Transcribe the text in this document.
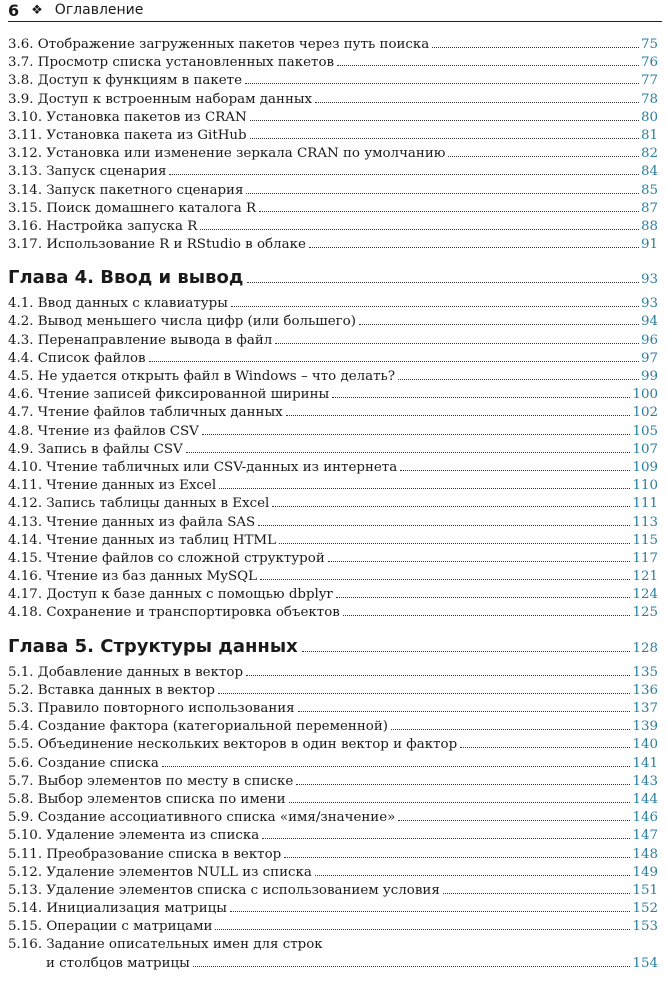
6 ❖ Оглавление
3.6. Отображение загруженных пакетов через путь поиска	75
3.7. Просмотр списка установленных пакетов	76
3.8. Доступ к функциям в пакете	77
3.9. Доступ к встроенным наборам данных	78
3.10. Установка пакетов из CRAN	80
3.11. Установка пакета из GitHub	81
3.12. Установка или изменение зеркала CRAN по умолчанию	82
3.13. Запуск сценария	84
3.14. Запуск пакетного сценария	85
3.15. Поиск домашнего каталога R	87
3.16. Настройка запуска R	88
3.17. Использование R и RStudio в облаке	91
Глава 4. Ввод и вывод	93
4.1. Ввод данных с клавиатуры	93
4.2. Вывод меньшего числа цифр (или большего)	94
4.3. Перенаправление вывода в файл	96
4.4. Список файлов	97
4.5. Не удается открыть файл в Windows – что делать?	99
4.6. Чтение записей фиксированной ширины	100
4.7. Чтение файлов табличных данных	102
4.8. Чтение из файлов CSV	105
4.9. Запись в файлы CSV	107
4.10. Чтение табличных или CSV-данных из интернета	109
4.11. Чтение данных из Excel	110
4.12. Запись таблицы данных в Excel	111
4.13. Чтение данных из файла SAS	113
4.14. Чтение данных из таблиц HTML	115
4.15. Чтение файлов со сложной структурой	117
4.16. Чтение из баз данных MySQL	121
4.17. Доступ к базе данных с помощью dbplyr	124
4.18. Сохранение и транспортировка объектов	125
Глава 5. Структуры данных	128
5.1. Добавление данных в вектор	135
5.2. Вставка данных в вектор	136
5.3. Правило повторного использования	137
5.4. Создание фактора (категориальной переменной)	139
5.5. Объединение нескольких векторов в один вектор и фактор	140
5.6. Создание списка	141
5.7. Выбор элементов по месту в списке	143
5.8. Выбор элементов списка по имени	144
5.9. Создание ассоциативного списка «имя/значение»	146
5.10. Удаление элемента из списка	147
5.11. Преобразование списка в вектор	148
5.12. Удаление элементов NULL из списка	149
5.13. Удаление элементов списка с использованием условия	151
5.14. Инициализация матрицы	152
5.15. Операции с матрицами	153
5.16. Задание описательных имен для строк
и столбцов матрицы	154
